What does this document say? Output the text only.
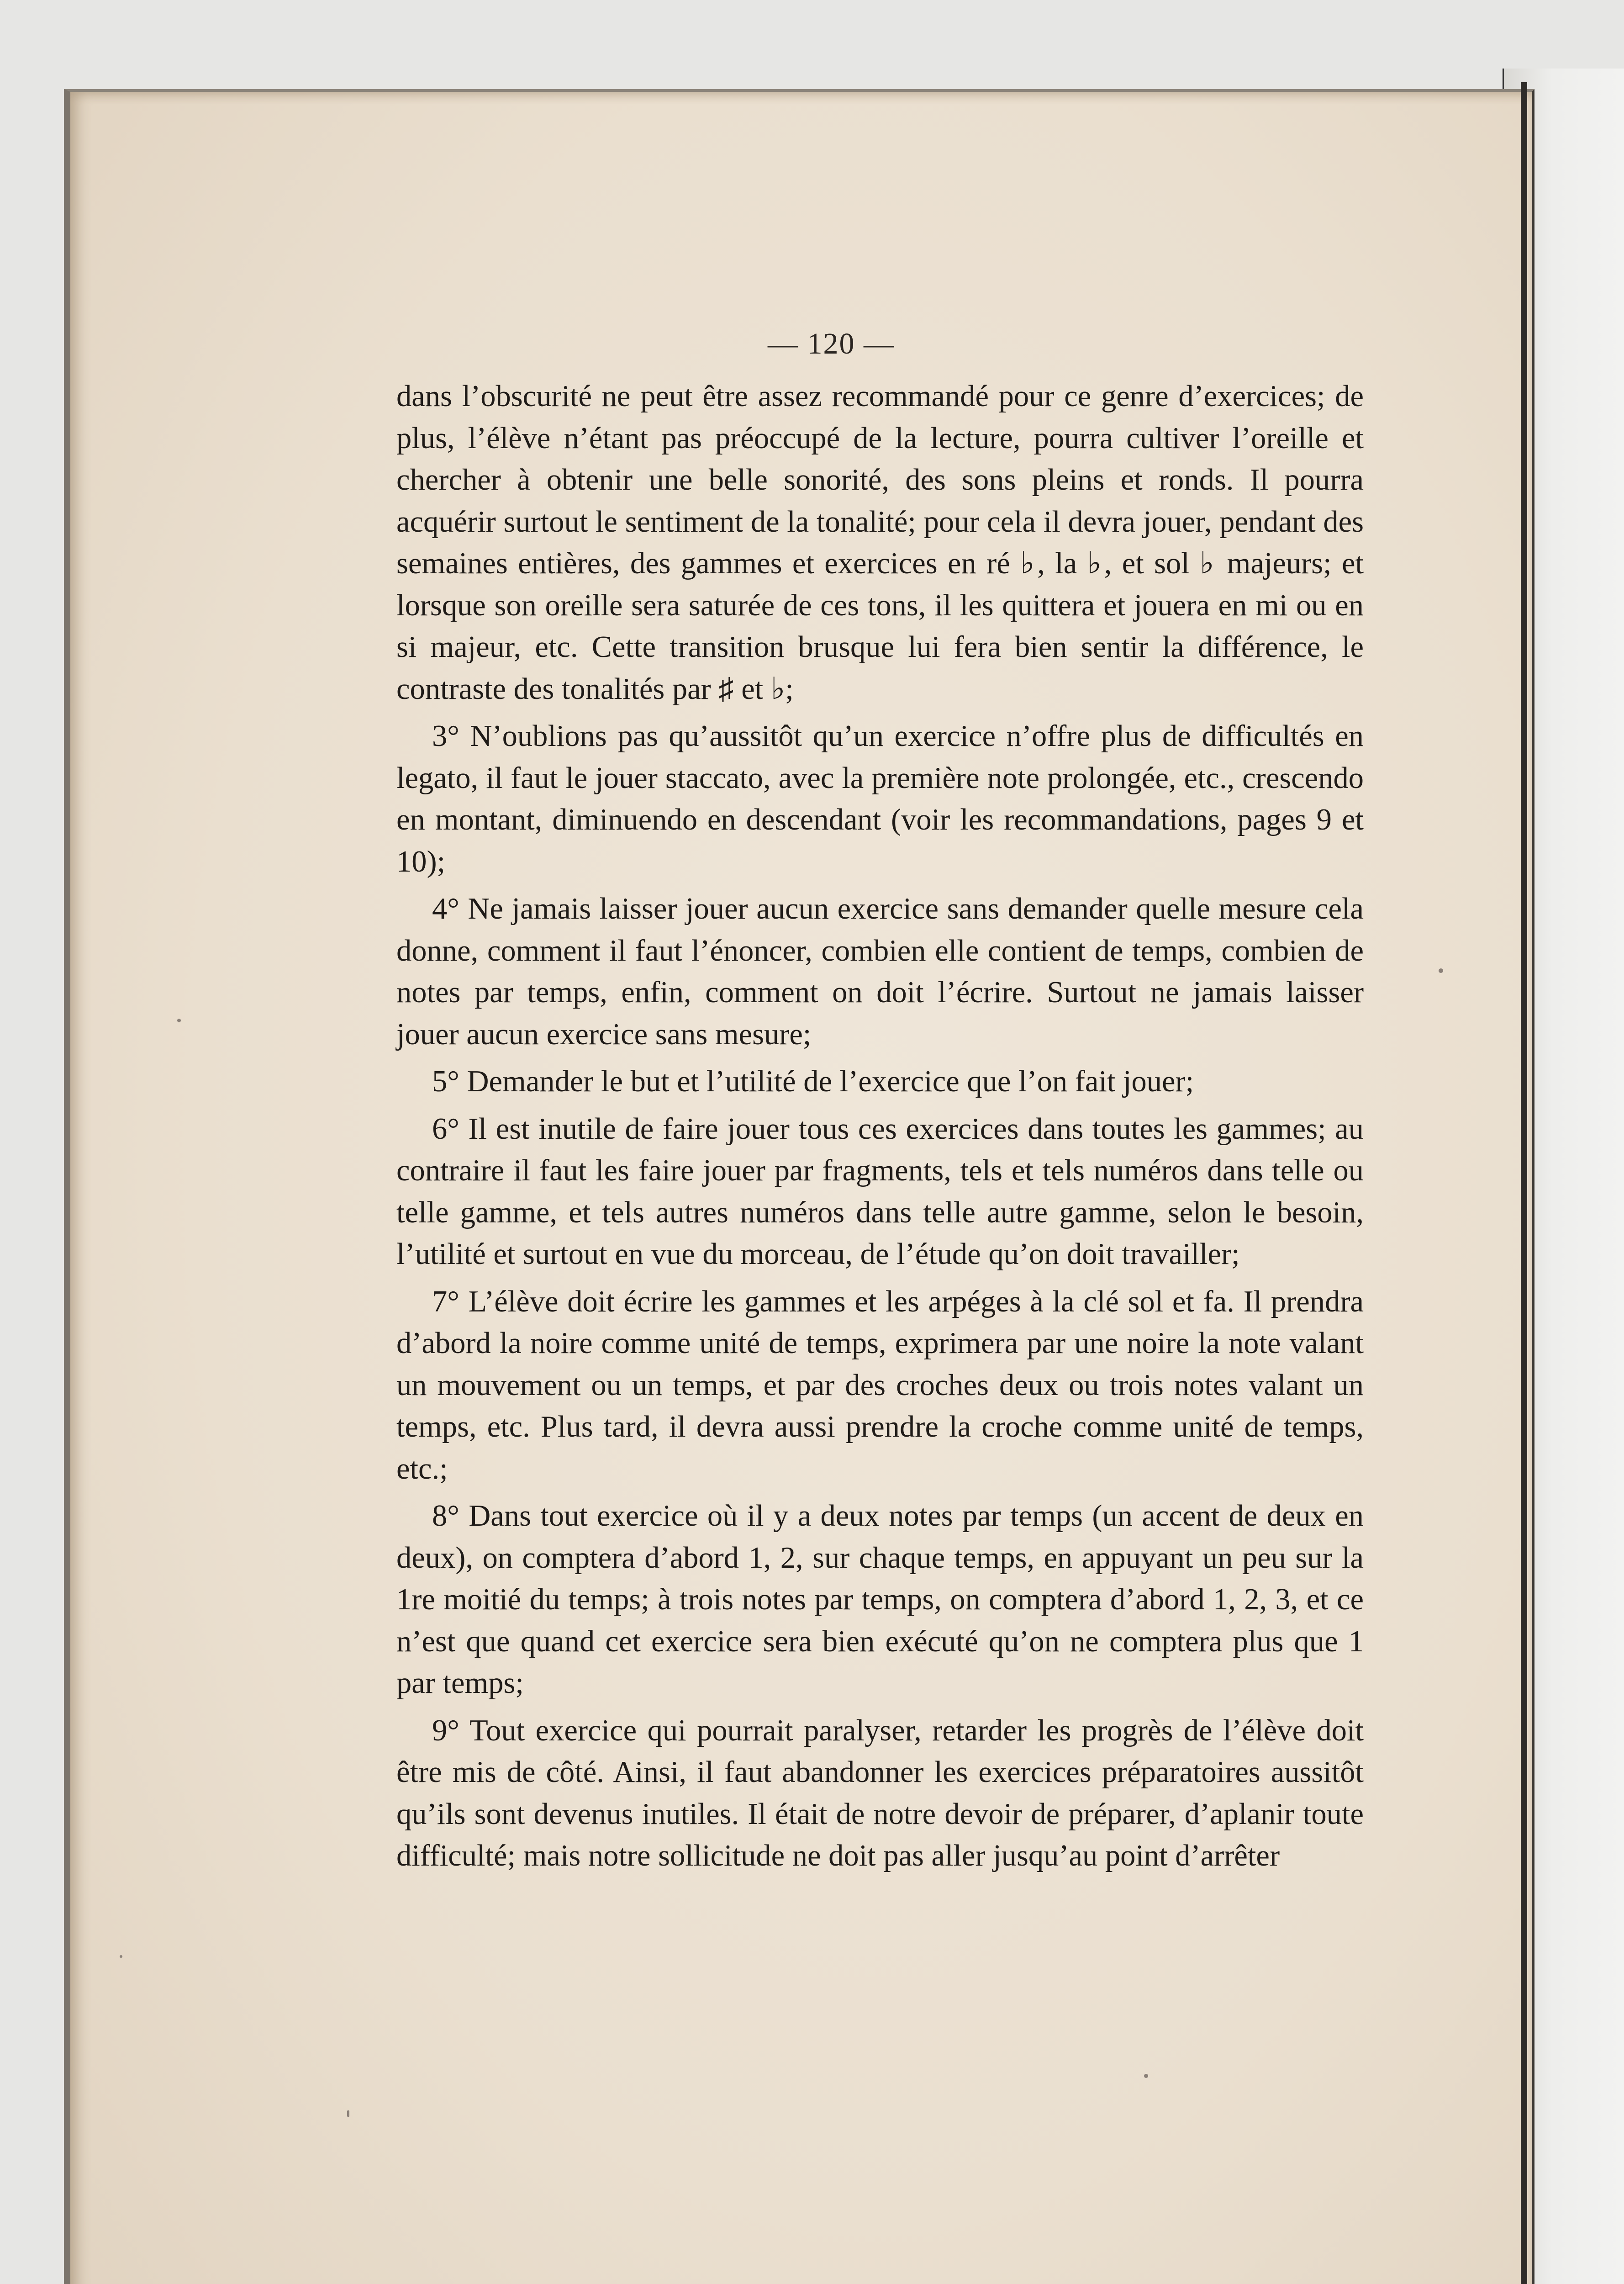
— 120 —

dans l’obscurité ne peut être assez recommandé pour ce genre d’exercices; de plus, l’élève n’étant pas préoccupé de la lecture, pourra cultiver l’oreille et chercher à obtenir une belle sonorité, des sons pleins et ronds. Il pourra acquérir surtout le sentiment de la tonalité; pour cela il devra jouer, pendant des semaines entières, des gammes et exercices en ré ♭, la ♭, et sol ♭ majeurs; et lorsque son oreille sera saturée de ces tons, il les quittera et jouera en mi ou en si majeur, etc. Cette transition brusque lui fera bien sentir la différence, le contraste des tonalités par ♯ et ♭;

3° N’oublions pas qu’aussitôt qu’un exercice n’offre plus de difficultés en legato, il faut le jouer staccato, avec la première note prolongée, etc., crescendo en montant, diminuendo en descendant (voir les recommandations, pages 9 et 10);

4° Ne jamais laisser jouer aucun exercice sans demander quelle mesure cela donne, comment il faut l’énoncer, combien elle contient de temps, combien de notes par temps, enfin, comment on doit l’écrire. Surtout ne jamais laisser jouer aucun exercice sans mesure;

5° Demander le but et l’utilité de l’exercice que l’on fait jouer;

6° Il est inutile de faire jouer tous ces exercices dans toutes les gammes; au contraire il faut les faire jouer par fragments, tels et tels numéros dans telle ou telle gamme, et tels autres numéros dans telle autre gamme, selon le besoin, l’utilité et surtout en vue du morceau, de l’étude qu’on doit travailler;

7° L’élève doit écrire les gammes et les arpéges à la clé sol et fa. Il prendra d’abord la noire comme unité de temps, exprimera par une noire la note valant un mouvement ou un temps, et par des croches deux ou trois notes valant un temps, etc. Plus tard, il devra aussi prendre la croche comme unité de temps, etc.;

8° Dans tout exercice où il y a deux notes par temps (un accent de deux en deux), on comptera d’abord 1, 2, sur chaque temps, en appuyant un peu sur la 1re moitié du temps; à trois notes par temps, on comptera d’abord 1, 2, 3, et ce n’est que quand cet exercice sera bien exécuté qu’on ne comptera plus que 1 par temps;

9° Tout exercice qui pourrait paralyser, retarder les progrès de l’élève doit être mis de côté. Ainsi, il faut abandonner les exercices préparatoires aussitôt qu’ils sont devenus inutiles. Il était de notre devoir de préparer, d’aplanir toute difficulté; mais notre sollicitude ne doit pas aller jusqu’au point d’arrêter
